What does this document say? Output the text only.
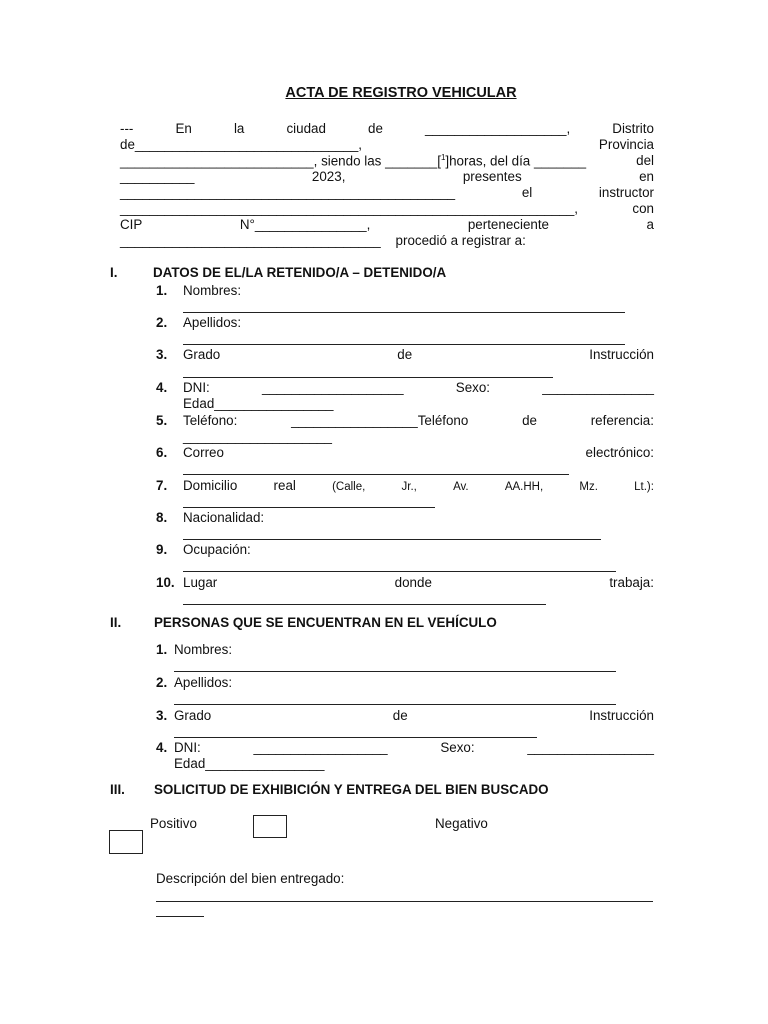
ACTA DE REGISTRO VEHICULAR
---	En	la	ciudad	de	___________________,	Distrito
de______________________________,	Provincia
__________________________, siendo las _______[$^1$]horas, del día _______	del
__________	2023,	presentes	en
_____________________________________________	el	instructor
_____________________________________________________________,	con
CIP	N°_______________,	perteneciente	a
___________________________________ procedió a registrar a:
I.	DATOS DE EL/LA RETENIDO/A – DETENIDO/A
1. Nombres:
2. Apellidos:
3. Grado	de	Instrucción
4. DNI:	___________________	Sexo:	_______________
Edad________________
5. Teléfono:	_________________Teléfono	de	referencia:
____________________
6. Correo	electrónico:
7. Domicilio	real	(Calle,	Jr.,	Av.	AA.HH,	Mz.	Lt.):
8. Nacionalidad:
9. Ocupación:
10. Lugar	donde	trabaja:
II. PERSONAS QUE SE ENCUENTRAN EN EL VEHÍCULO
1. Nombres:
2. Apellidos:
3. Grado	de	Instrucción
4. DNI:	__________________	Sexo:	_________________
Edad________________
III. SOLICITUD DE EXHIBICIÓN Y ENTREGA DEL BIEN BUSCADO
Positivo	Negativo
Descripción del bien entregado:
